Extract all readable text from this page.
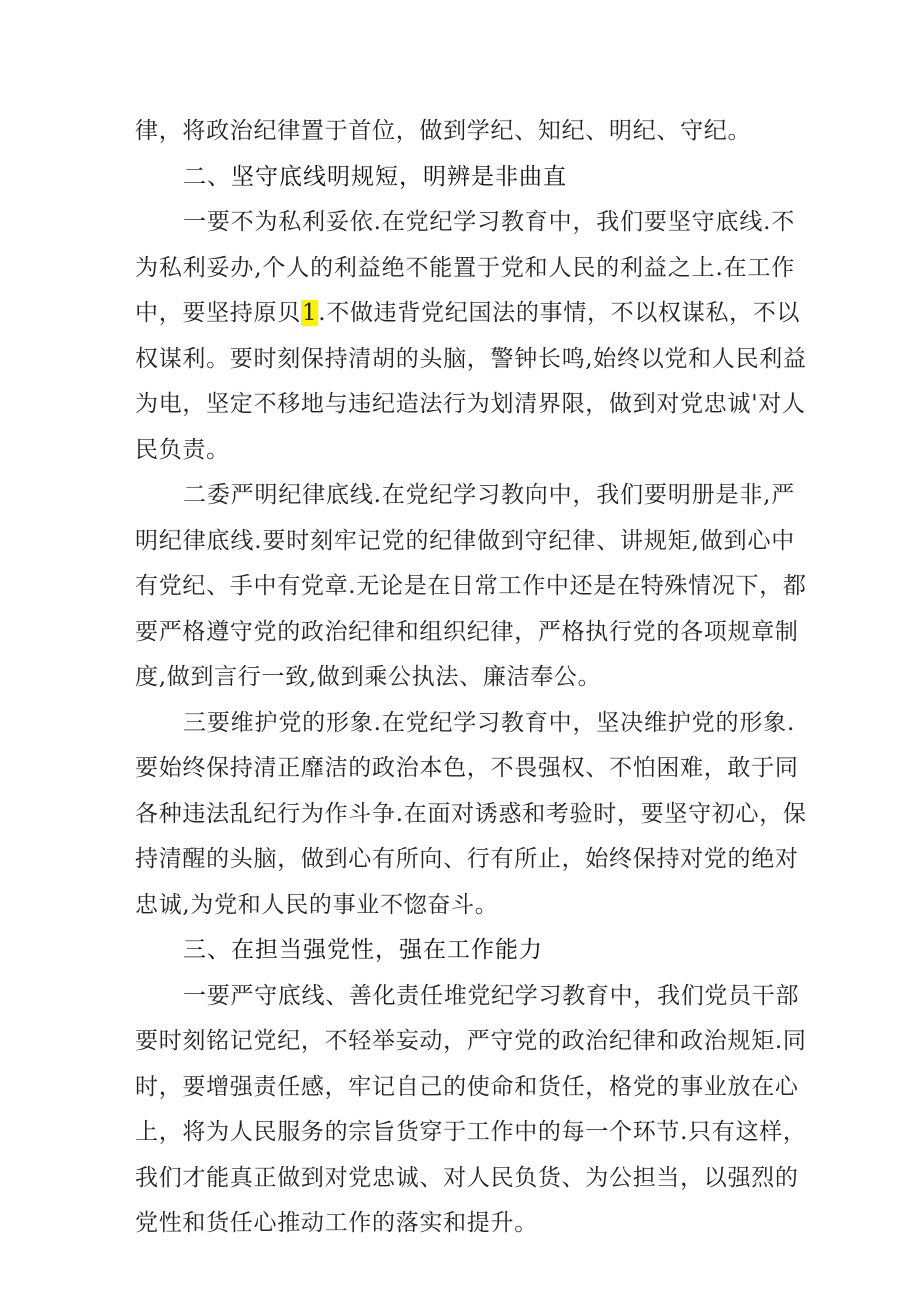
律，将政治纪律置于首位，做到学纪、知纪、明纪、守纪。
二、坚守底线明规短，明辨是非曲直
一要不为私利妥依.在党纪学习教育中，我们要坚守底线.不
为私利妥办,个人的利益绝不能置于党和人民的利益之上.在工作
中，要坚持原贝1.不做违背党纪国法的事情，不以权谋私，不以
权谋利。要时刻保持清胡的头脑，警钟长鸣,始终以党和人民利益
为电，坚定不移地与违纪造法行为划清界限，做到对党忠诚'对人
民负责。
二委严明纪律底线.在党纪学习教向中，我们要明册是非,严
明纪律底线.要时刻牢记党的纪律做到守纪律、讲规矩,做到心中
有党纪、手中有党章.无论是在日常工作中还是在特殊情况下，都
要严格遵守党的政治纪律和组织纪律，严格执行党的各项规章制
度,做到言行一致,做到乘公执法、廉洁奉公。
三要维护党的形象.在党纪学习教育中，坚决维护党的形象.
要始终保持清正靡洁的政治本色，不畏强权、不怕困难，敢于同
各种违法乱纪行为作斗争.在面对诱惑和考验时，要坚守初心，保
持清醒的头脑，做到心有所向、行有所止，始终保持对党的绝对
忠诚,为党和人民的事业不惚奋斗。
三、在担当强党性，强在工作能力
一要严守底线、善化责任堆党纪学习教育中，我们党员干部
要时刻铭记党纪，不轻举妄动，严守党的政治纪律和政治规矩.同
时，要增强责任感，牢记自己的使命和货任，格党的事业放在心
上，将为人民服务的宗旨货穿于工作中的每一个环节.只有这样，
我们才能真正做到对党忠诚、对人民负货、为公担当，以强烈的
党性和货任心推动工作的落实和提升。
